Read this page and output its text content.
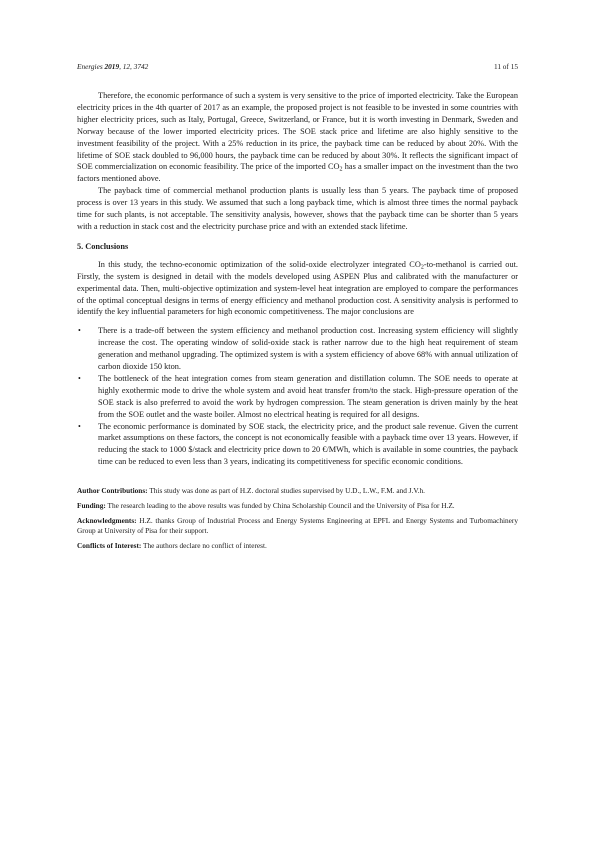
Energies 2019, 12, 3742	11 of 15

Therefore, the economic performance of such a system is very sensitive to the price of imported electricity. Take the European electricity prices in the 4th quarter of 2017 as an example, the proposed project is not feasible to be invested in some countries with higher electricity prices, such as Italy, Portugal, Greece, Switzerland, or France, but it is worth investing in Denmark, Sweden and Norway because of the lower imported electricity prices. The SOE stack price and lifetime are also highly sensitive to the investment feasibility of the project. With a 25% reduction in its price, the payback time can be reduced by about 20%. With the lifetime of SOE stack doubled to 96,000 hours, the payback time can be reduced by about 30%. It reflects the significant impact of SOE commercialization on economic feasibility. The price of the imported $CO_2$ has a smaller impact on the investment than the two factors mentioned above.

The payback time of commercial methanol production plants is usually less than 5 years. The payback time of proposed process is over 13 years in this study. We assumed that such a long payback time, which is almost three times the normal payback time for such plants, is not acceptable. The sensitivity analysis, however, shows that the payback time can be shorter than 5 years with a reduction in stack cost and the electricity purchase price and with an extended stack lifetime.

5. Conclusions

In this study, the techno-economic optimization of the solid-oxide electrolyzer integrated $CO_2-to$-methanol is carried out. Firstly, the system is designed in detail with the models developed using ASPEN Plus and calibrated with the manufacturer or experimental data. Then, multi-objective optimization and system-level heat integration are employed to compare the performances of the optimal conceptual designs in terms of energy efficiency and methanol production cost. A sensitivity analysis is performed to identify the key influential parameters for high economic competitiveness. The major conclusions are

• There is a trade-off between the system efficiency and methanol production cost. Increasing system efficiency will slightly increase the cost. The operating window of solid-oxide stack is rather narrow due to the high heat requirement of steam generation and methanol upgrading. The optimized system is with a system efficiency of above 68% with annual utilization of carbon dioxide 150 kton.
• The bottleneck of the heat integration comes from steam generation and distillation column. The SOE needs to operate at highly exothermic mode to drive the whole system and avoid heat transfer from/to the stack. High-pressure operation of the SOE stack is also preferred to avoid the work by hydrogen compression. The steam generation is driven mainly by the heat from the SOE outlet and the waste boiler. Almost no electrical heating is required for all designs.
• The economic performance is dominated by SOE stack, the electricity price, and the product sale revenue. Given the current market assumptions on these factors, the concept is not economically feasible with a payback time over 13 years. However, if reducing the stack to 1000 $/stack and electricity price down to 20 €/MWh, which is available in some countries, the payback time can be reduced to even less than 3 years, indicating its competitiveness for specific economic conditions.

Author Contributions: This study was done as part of H.Z. doctoral studies supervised by U.D., L.W., F.M. and J.V.h.

Funding: The research leading to the above results was funded by China Scholarship Council and the University of Pisa for H.Z.

Acknowledgments: H.Z. thanks Group of Industrial Process and Energy Systems Engineering at EPFL and Energy Systems and Turbomachinery Group at University of Pisa for their support.

Conflicts of Interest: The authors declare no conflict of interest.
